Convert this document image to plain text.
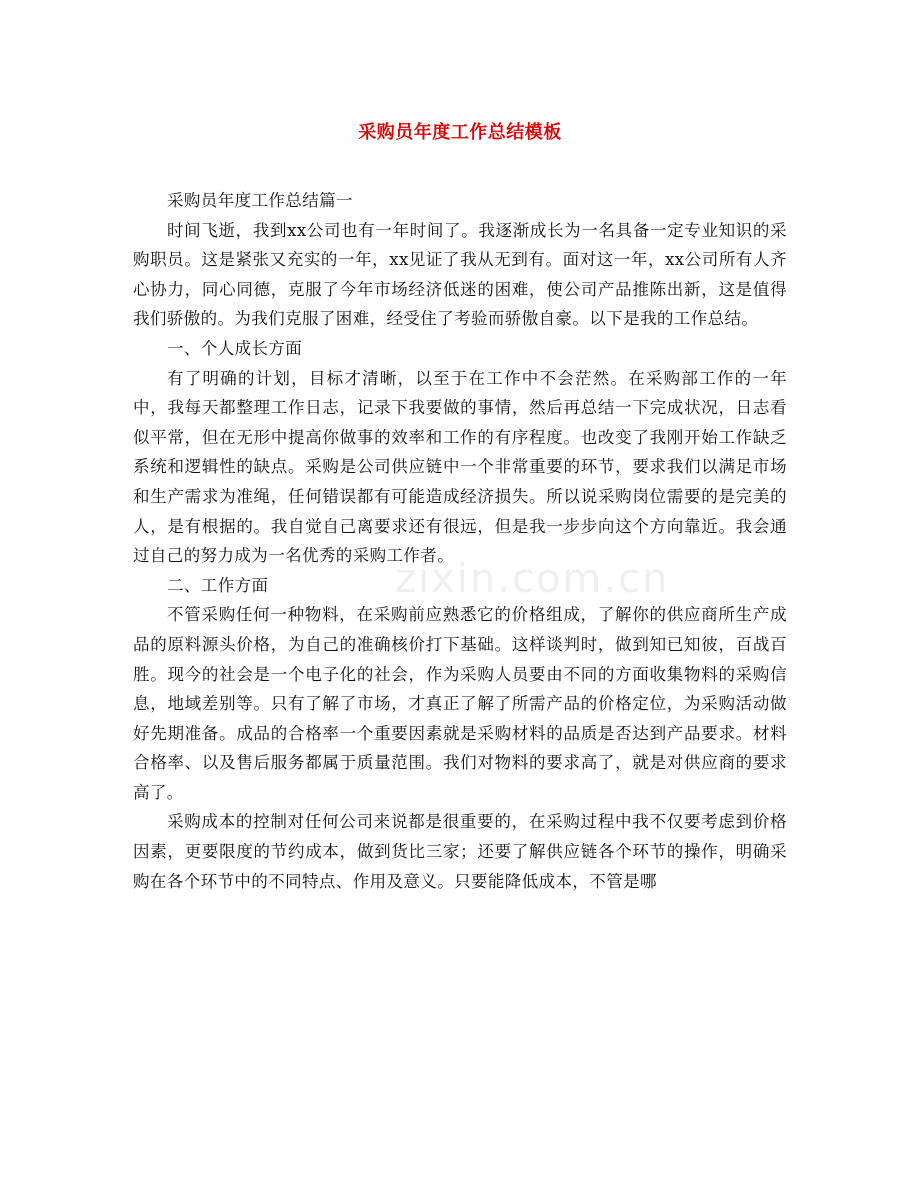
采购员年度工作总结模板
zixin.com.cn

采购员年度工作总结篇一

时间飞逝，我到xx公司也有一年时间了。我逐渐成长为一名具备一定专业知识的采购职员。这是紧张又充实的一年，xx见证了我从无到有。面对这一年，xx公司所有人齐心协力，同心同德，克服了今年市场经济低迷的困难，使公司产品推陈出新，这是值得我们骄傲的。为我们克服了困难，经受住了考验而骄傲自豪。以下是我的工作总结。

一、个人成长方面

有了明确的计划，目标才清晰，以至于在工作中不会茫然。在采购部工作的一年中，我每天都整理工作日志，记录下我要做的事情，然后再总结一下完成状况，日志看似平常，但在无形中提高你做事的效率和工作的有序程度。也改变了我刚开始工作缺乏系统和逻辑性的缺点。采购是公司供应链中一个非常重要的环节，要求我们以满足市场和生产需求为准绳，任何错误都有可能造成经济损失。所以说采购岗位需要的是完美的人，是有根据的。我自觉自己离要求还有很远，但是我一步步向这个方向靠近。我会通过自己的努力成为一名优秀的采购工作者。

二、工作方面

不管采购任何一种物料，在采购前应熟悉它的价格组成，了解你的供应商所生产成品的原料源头价格，为自己的准确核价打下基础。这样谈判时，做到知已知彼，百战百胜。现今的社会是一个电子化的社会，作为采购人员要由不同的方面收集物料的采购信息，地域差别等。只有了解了市场，才真正了解了所需产品的价格定位，为采购活动做好先期准备。成品的合格率一个重要因素就是采购材料的品质是否达到产品要求。材料合格率、以及售后服务都属于质量范围。我们对物料的要求高了，就是对供应商的要求高了。

采购成本的控制对任何公司来说都是很重要的，在采购过程中我不仅要考虑到价格因素，更要限度的节约成本，做到货比三家；还要了解供应链各个环节的操作，明确采购在各个环节中的不同特点、作用及意义。只要能降低成本，不管是哪
